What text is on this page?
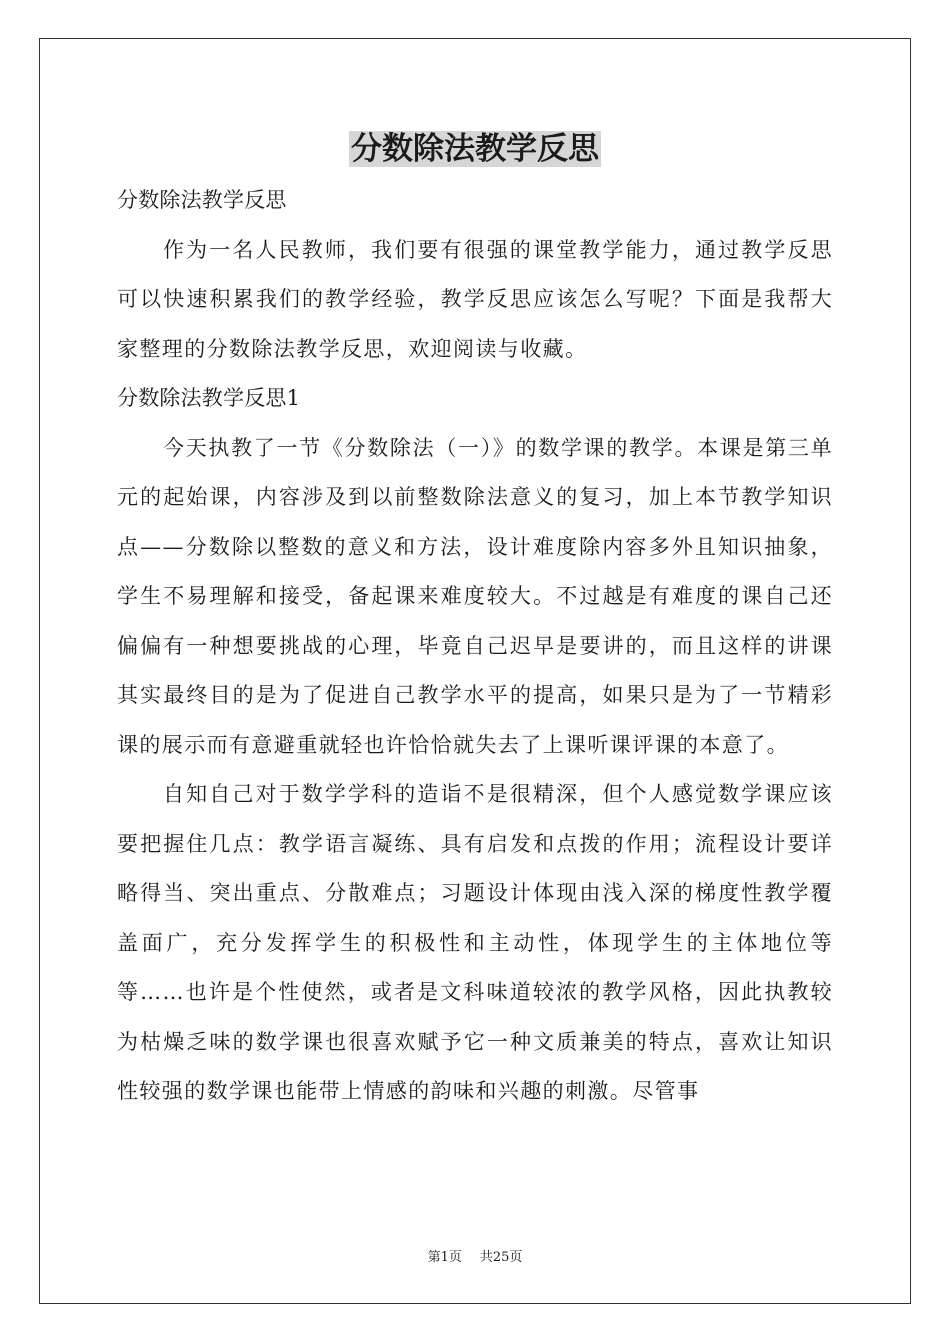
分数除法教学反思

分数除法教学反思

作为一名人民教师，我们要有很强的课堂教学能力，通过教学反思可以快速积累我们的教学经验，教学反思应该怎么写呢？下面是我帮大家整理的分数除法教学反思，欢迎阅读与收藏。

分数除法教学反思1

今天执教了一节《分数除法（一）》的数学课的教学。本课是第三单元的起始课，内容涉及到以前整数除法意义的复习，加上本节教学知识点——分数除以整数的意义和方法，设计难度除内容多外且知识抽象，学生不易理解和接受，备起课来难度较大。不过越是有难度的课自己还偏偏有一种想要挑战的心理，毕竟自己迟早是要讲的，而且这样的讲课其实最终目的是为了促进自己教学水平的提高，如果只是为了一节精彩课的展示而有意避重就轻也许恰恰就失去了上课听课评课的本意了。

自知自己对于数学学科的造诣不是很精深，但个人感觉数学课应该要把握住几点：教学语言凝练、具有启发和点拨的作用；流程设计要详略得当、突出重点、分散难点；习题设计体现由浅入深的梯度性教学覆盖面广，充分发挥学生的积极性和主动性，体现学生的主体地位等等……也许是个性使然，或者是文科味道较浓的教学风格，因此执教较为枯燥乏味的数学课也很喜欢赋予它一种文质兼美的特点，喜欢让知识性较强的数学课也能带上情感的韵味和兴趣的刺激。尽管事

第1页 共25页
